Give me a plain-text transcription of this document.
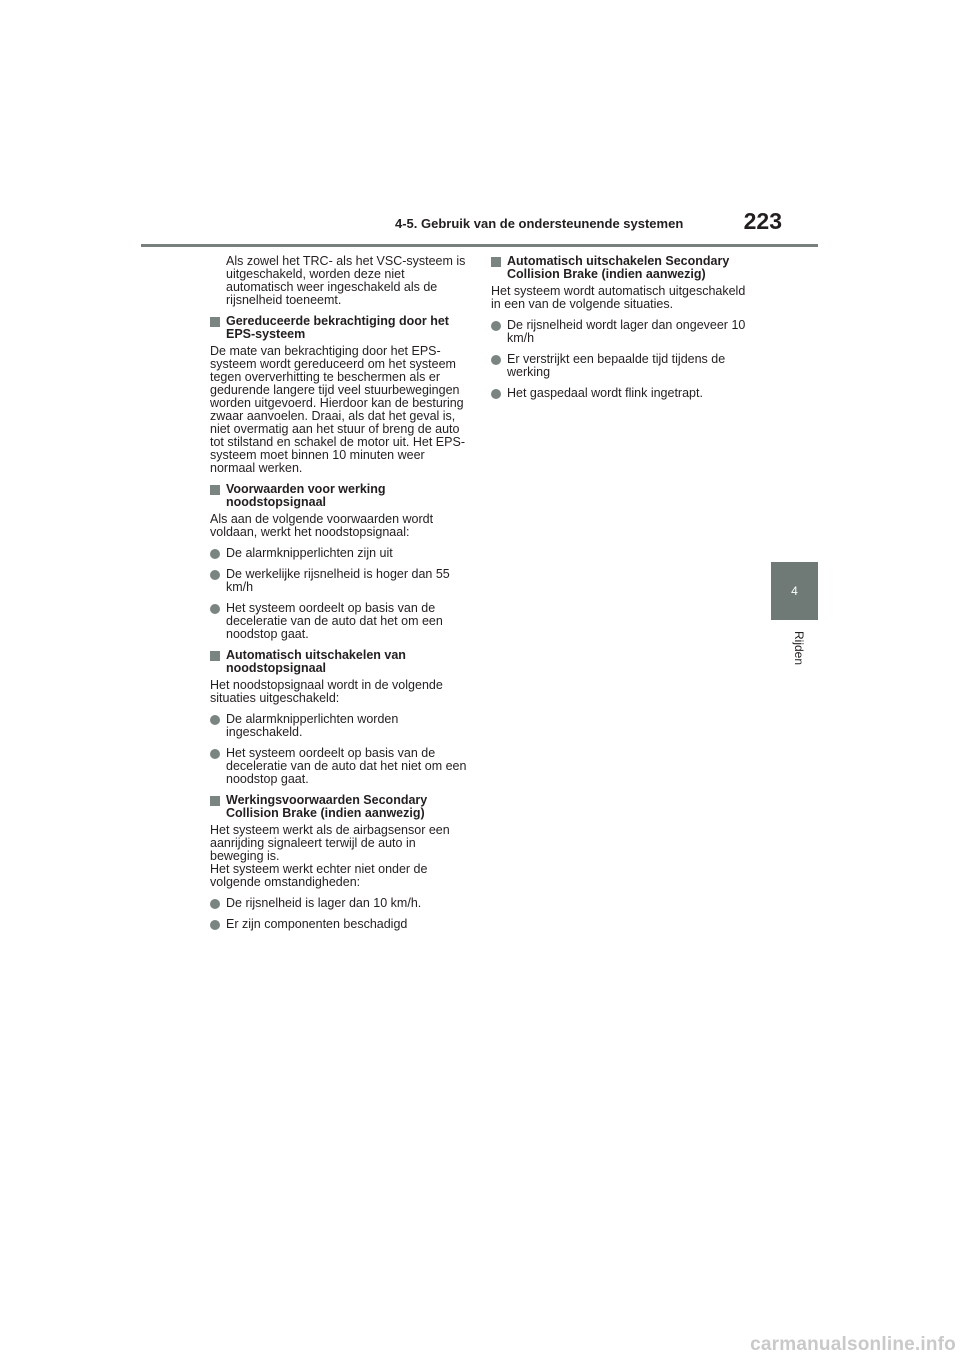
4-5. Gebruik van de ondersteunende systemen	223
4
Rijden

Als zowel het TRC- als het VSC-systeem is uitgeschakeld, worden deze niet automatisch weer ingeschakeld als de rijsnelheid toeneemt.

Gereduceerde bekrachtiging door het EPS-systeem

De mate van bekrachtiging door het EPS-systeem wordt gereduceerd om het systeem tegen oververhitting te beschermen als er gedurende langere tijd veel stuurbewegingen worden uitgevoerd. Hierdoor kan de besturing zwaar aanvoelen. Draai, als dat het geval is, niet overmatig aan het stuur of breng de auto tot stilstand en schakel de motor uit. Het EPS-systeem moet binnen 10 minuten weer normaal werken.

Voorwaarden voor werking noodstopsignaal

Als aan de volgende voorwaarden wordt voldaan, werkt het noodstopsignaal:

De alarmknipperlichten zijn uit
De werkelijke rijsnelheid is hoger dan 55 km/h
Het systeem oordeelt op basis van de deceleratie van de auto dat het om een noodstop gaat.
Automatisch uitschakelen van noodstopsignaal

Het noodstopsignaal wordt in de volgende situaties uitgeschakeld:

De alarmknipperlichten worden ingeschakeld.
Het systeem oordeelt op basis van de deceleratie van de auto dat het niet om een noodstop gaat.
Werkingsvoorwaarden Secondary Collision Brake (indien aanwezig)

Het systeem werkt als de airbagsensor een aanrijding signaleert terwijl de auto in beweging is.

Het systeem werkt echter niet onder de volgende omstandigheden:

De rijsnelheid is lager dan 10 km/h.
Er zijn componenten beschadigd
Automatisch uitschakelen Secondary Collision Brake (indien aanwezig)

Het systeem wordt automatisch uitgeschakeld in een van de volgende situaties.

De rijsnelheid wordt lager dan ongeveer 10 km/h
Er verstrijkt een bepaalde tijd tijdens de werking
Het gaspedaal wordt flink ingetrapt.
carmanualsonline.info
